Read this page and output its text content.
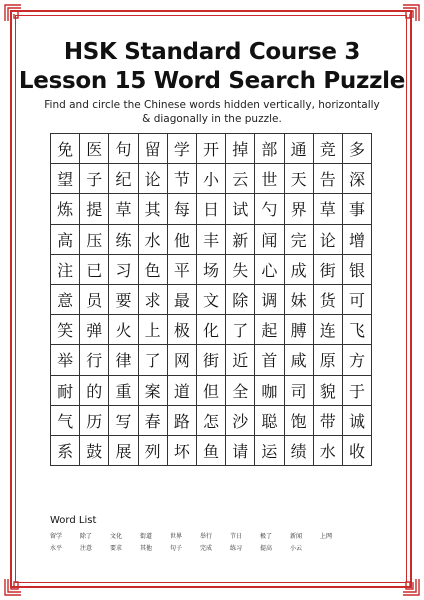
HSK Standard Course 3
Lesson 15 Word Search Puzzle
Find and circle the Chinese words hidden vertically, horizontally & diagonally in the puzzle.
免 医 句 留 学 开 掉 部 通 竞 多
望 子 纪 论 节 小 云 世 天 告 深
炼 提 草 其 每 日 试 勺 界 草 事
高 压 练 水 他 丰 新 闻 完 论 增
注 已 习 色 平 场 失 心 成 街 银
意 员 要 求 最 文 除 调 妹 货 可
笑 弹 火 上 极 化 了 起 膊 连 飞
举 行 律 了 网 街 近 首 咸 原 方
耐 的 重 案 道 但 全 咖 司 貌 于
气 历 写 春 路 怎 沙 聪 饱 带 诚
系 鼓 展 列 坏 鱼 请 运 绩 水 收
Word List
留学	除了	文化	街道	世界	举行	节日	极了	新闻	上网
水平	注意	要求	其他	句子	完成	练习	提高	小云
